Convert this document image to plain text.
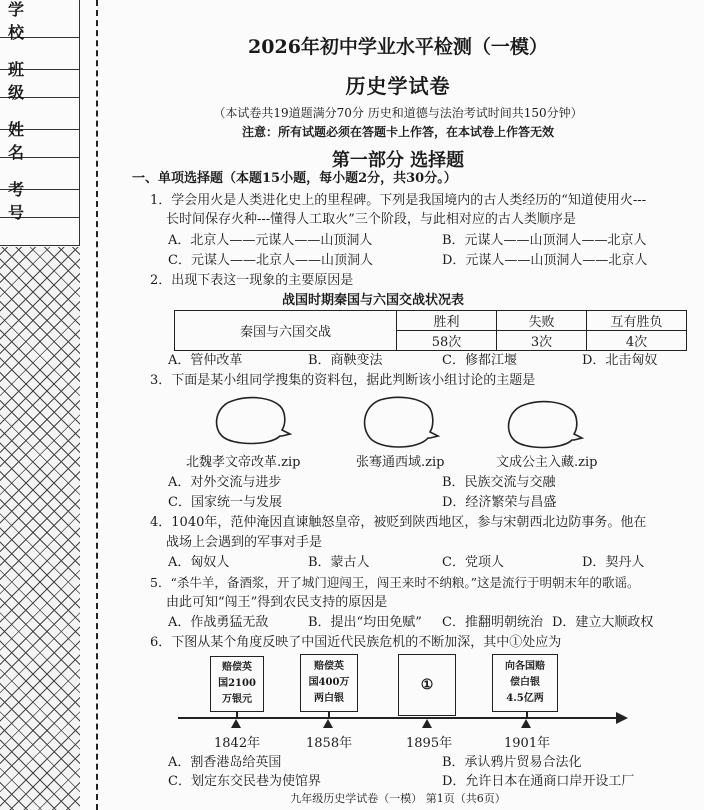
学校
班级
姓名
考号
2026年初中学业水平检测（一模）
历史学试卷
（本试卷共19道题满分70分 历史和道德与法治考试时间共150分钟）
注意：所有试题必须在答题卡上作答，在本试卷上作答无效
第一部分 选择题
一、单项选择题（本题15小题，每小题2分，共30分。）
1．学会用火是人类进化史上的里程碑。下列是我国境内的古人类经历的“知道使用火---
长时间保存火种---懂得人工取火”三个阶段，与此相对应的古人类顺序是
A．北京人——元谋人——山顶洞人	B．元谋人——山顶洞人——北京人
C．元谋人——北京人——山顶洞人	D．元谋人——山顶洞人——北京人
2．出现下表这一现象的主要原因是
战国时期秦国与六国交战状况表
秦国与六国交战	胜利	失败	互有胜负
	58次	3次	4次
A．管仲改革	B．商鞅变法	C．修都江堰	D．北击匈奴
3．下面是某小组同学搜集的资料包，据此判断该小组讨论的主题是
北魏孝文帝改革.zip	张骞通西域.zip	文成公主入藏.zip
A．对外交流与进步	B．民族交流与交融
C．国家统一与发展	D．经济繁荣与昌盛
4．1040年，范仲淹因直谏触怒皇帝，被贬到陕西地区，参与宋朝西北边防事务。他在
战场上会遇到的军事对手是
A．匈奴人	B．蒙古人	C．党项人	D．契丹人
5．“杀牛羊，备酒浆，开了城门迎闯王，闯王来时不纳粮。”这是流行于明朝末年的歌谣。
由此可知“闯王”得到农民支持的原因是
A．作战勇猛无敌	B．提出“均田免赋” C．推翻明朝统治 D．建立大顺政权
6．下图从某个角度反映了中国近代民族危机的不断加深，其中①处应为
赔偿英
国2100
万银元
赔偿英
国400万
两白银
①
向各国赔
偿白银
4.5亿两
1842年	1858年	1895年	1901年
A．割香港岛给英国	B．承认鸦片贸易合法化
C．划定东交民巷为使馆界	D．允许日本在通商口岸开设工厂
九年级历史学试卷（一模） 第1页（共6页）
